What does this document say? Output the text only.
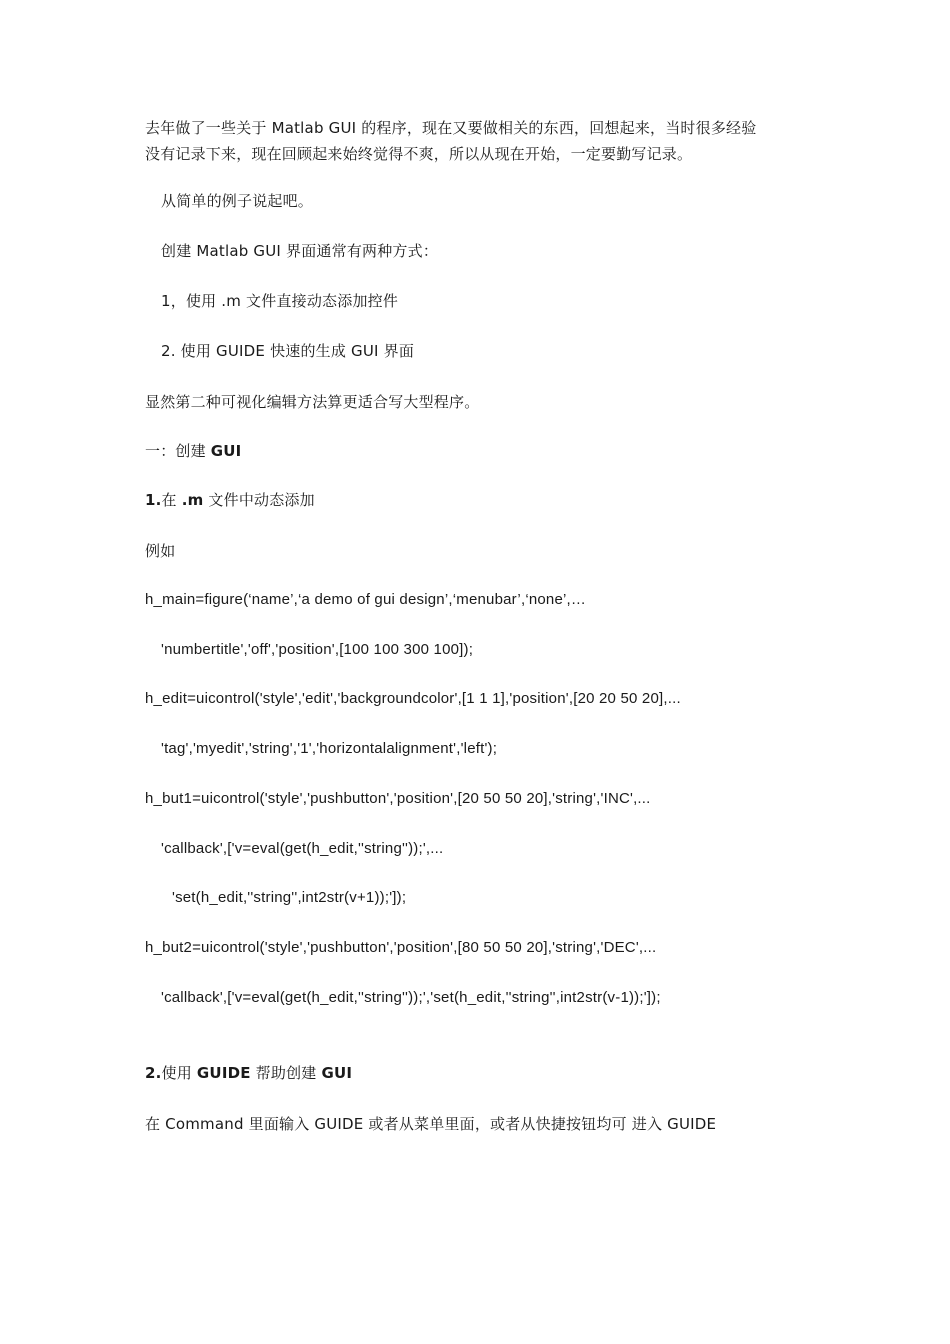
去年做了一些关于 Matlab GUI 的程序，现在又要做相关的东西，回想起来，当时很多经验
没有记录下来，现在回顾起来始终觉得不爽，所以从现在开始，一定要勤写记录。
从简单的例子说起吧。
创建 Matlab GUI 界面通常有两种方式：
1，使用 .m 文件直接动态添加控件
2. 使用 GUIDE 快速的生成 GUI 界面
显然第二种可视化编辑方法算更适合写大型程序。
一：创建 GUI
1.在 .m 文件中动态添加
例如
h_main=figure(‘name’,‘a demo of gui design’,‘menubar’,‘none’,…
'numbertitle','off','position',[100 100 300 100]);
h_edit=uicontrol('style','edit','backgroundcolor',[1 1 1],'position',[20 20 50 20],...
'tag','myedit','string','1','horizontalalignment','left');
h_but1=uicontrol('style','pushbutton','position',[20 50 50 20],'string','INC',...
'callback',['v=eval(get(h_edit,''string''));',...
'set(h_edit,''string'',int2str(v+1));']);
h_but2=uicontrol('style','pushbutton','position',[80 50 50 20],'string','DEC',...
'callback',['v=eval(get(h_edit,''string''));','set(h_edit,''string'',int2str(v-1));']);
2.使用 GUIDE 帮助创建 GUI
在 Command 里面输入 GUIDE 或者从菜单里面，或者从快捷按钮均可 进入 GUIDE
